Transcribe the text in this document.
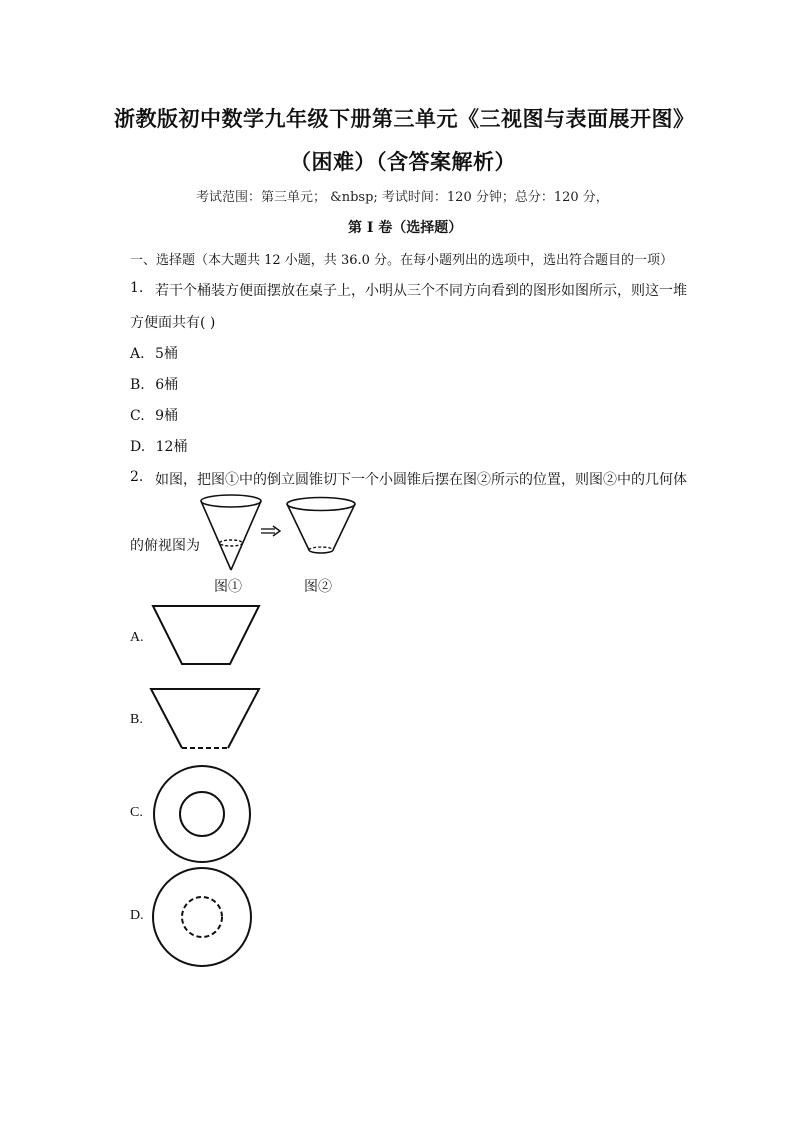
浙教版初中数学九年级下册第三单元《三视图与表面展开图》
（困难）（含答案解析）
考试范围：第三单元； &nbsp; 考试时间：120 分钟；总分：120 分，
第 I 卷（选择题）
一、选择题（本大题共 12 小题，共 36.0 分。在每小题列出的选项中，选出符合题目的一项）
1. 若干个桶装方便面摆放在桌子上，小明从三个不同方向看到的图形如图所示，则这一堆
方便面共有( )
A. 5桶
B. 6桶
C. 9桶
D. 12桶
2. 如图，把图①中的倒立圆锥切下一个小圆锥后摆在图②所示的位置，则图②中的几何体
的俯视图为
图①	图②
A.
B.
C.
D.
